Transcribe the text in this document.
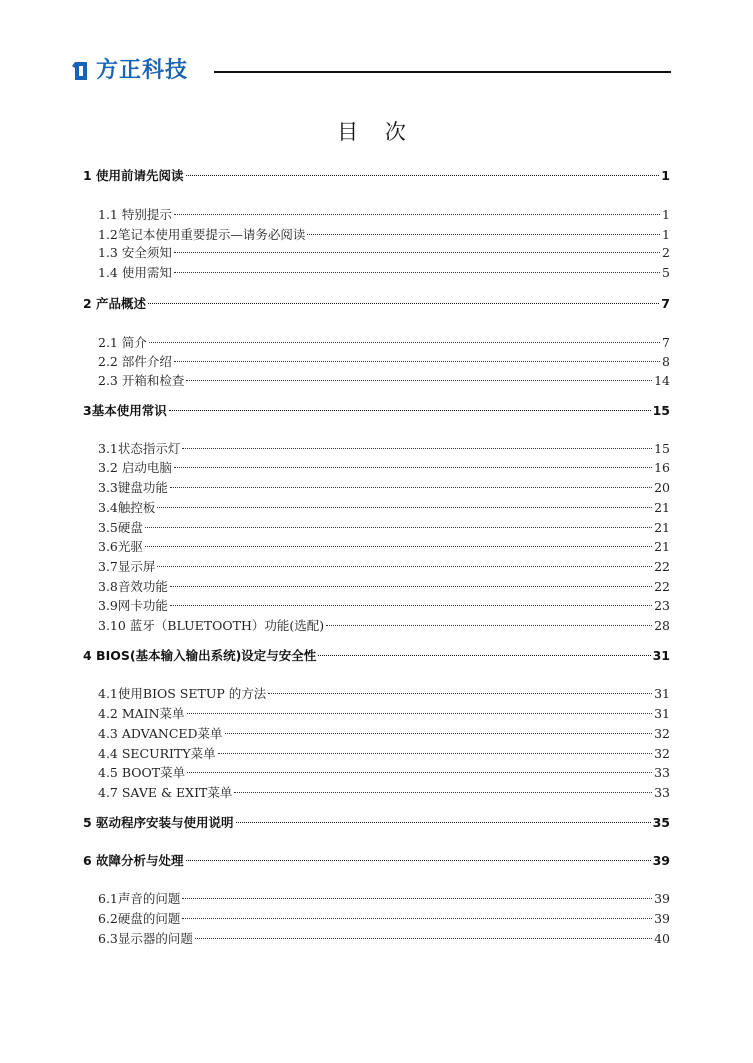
方正科技
目 次
1 使用前请先阅读	1
1.1 特别提示	1
1.2笔记本使用重要提示—请务必阅读	1
1.3 安全须知	2
1.4 使用需知	5
2 产品概述	7
2.1 简介	7
2.2 部件介绍	8
2.3 开箱和检查	14
3基本使用常识	15
3.1状态指示灯	15
3.2 启动电脑	16
3.3键盘功能	20
3.4触控板	21
3.5硬盘	21
3.6光驱	21
3.7显示屏	22
3.8音效功能	22
3.9网卡功能	23
3.10 蓝牙（BLUETOOTH）功能(选配)	28
4 BIOS(基本输入输出系统)设定与安全性	31
4.1使用BIOS SETUP 的方法	31
4.2 MAIN菜单	31
4.3 ADVANCED菜单	32
4.4 SECURITY菜单	32
4.5 BOOT菜单	33
4.7 SAVE & EXIT菜单	33
5 驱动程序安装与使用说明	35
6 故障分析与处理	39
6.1声音的问题	39
6.2硬盘的问题	39
6.3显示器的问题	40
